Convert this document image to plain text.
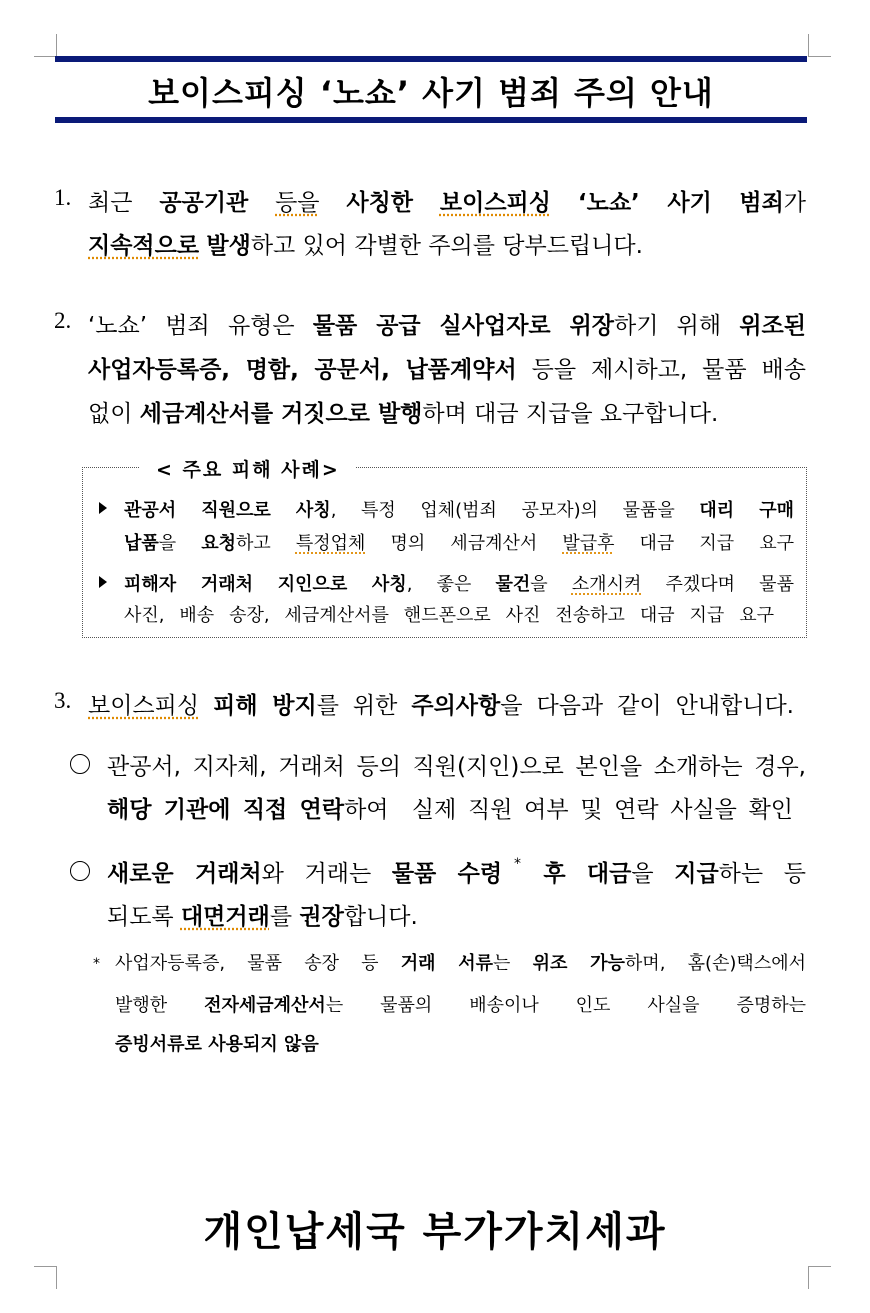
보이스피싱 ‘노쇼’ 사기 범죄 주의 안내
1. 최근 공공기관 등을 사칭한 보이스피싱 ‘노쇼’ 사기 범죄가
지속적으로 발생하고 있어 각별한 주의를 당부드립니다.
2. ‘노쇼’ 범죄 유형은 물품 공급 실사업자로 위장하기 위해 위조된
사업자등록증, 명함, 공문서, 납품계약서 등을 제시하고, 물품 배송
없이 세금계산서를 거짓으로 발행하며 대금 지급을 요구합니다.
< 주요 피해 사례>
관공서 직원으로 사칭, 특정 업체(범죄 공모자)의 물품을 대리 구매
납품을 요청하고 특정업체 명의 세금계산서 발급후 대금 지급 요구
피해자 거래처 지인으로 사칭, 좋은 물건을 소개시켜 주겠다며 물품
사진, 배송 송장, 세금계산서를 핸드폰으로 사진 전송하고 대금 지급 요구
3. 보이스피싱 피해 방지를 위한 주의사항을 다음과 같이 안내합니다.
관공서, 지자체, 거래처 등의 직원(지인)으로 본인을 소개하는 경우,
해당 기관에 직접 연락하여  실제 직원 여부 및 연락 사실을 확인
새로운 거래처와 거래는 물품 수령 후 대금을 지급하는 등
*
되도록 대면거래를 권장합니다.
* 사업자등록증, 물품 송장 등 거래 서류는 위조 가능하며, 홈(손)택스에서
발행한 전자세금계산서는 물품의 배송이나 인도 사실을 증명하는
증빙서류로 사용되지 않음
개인납세국 부가가치세과
